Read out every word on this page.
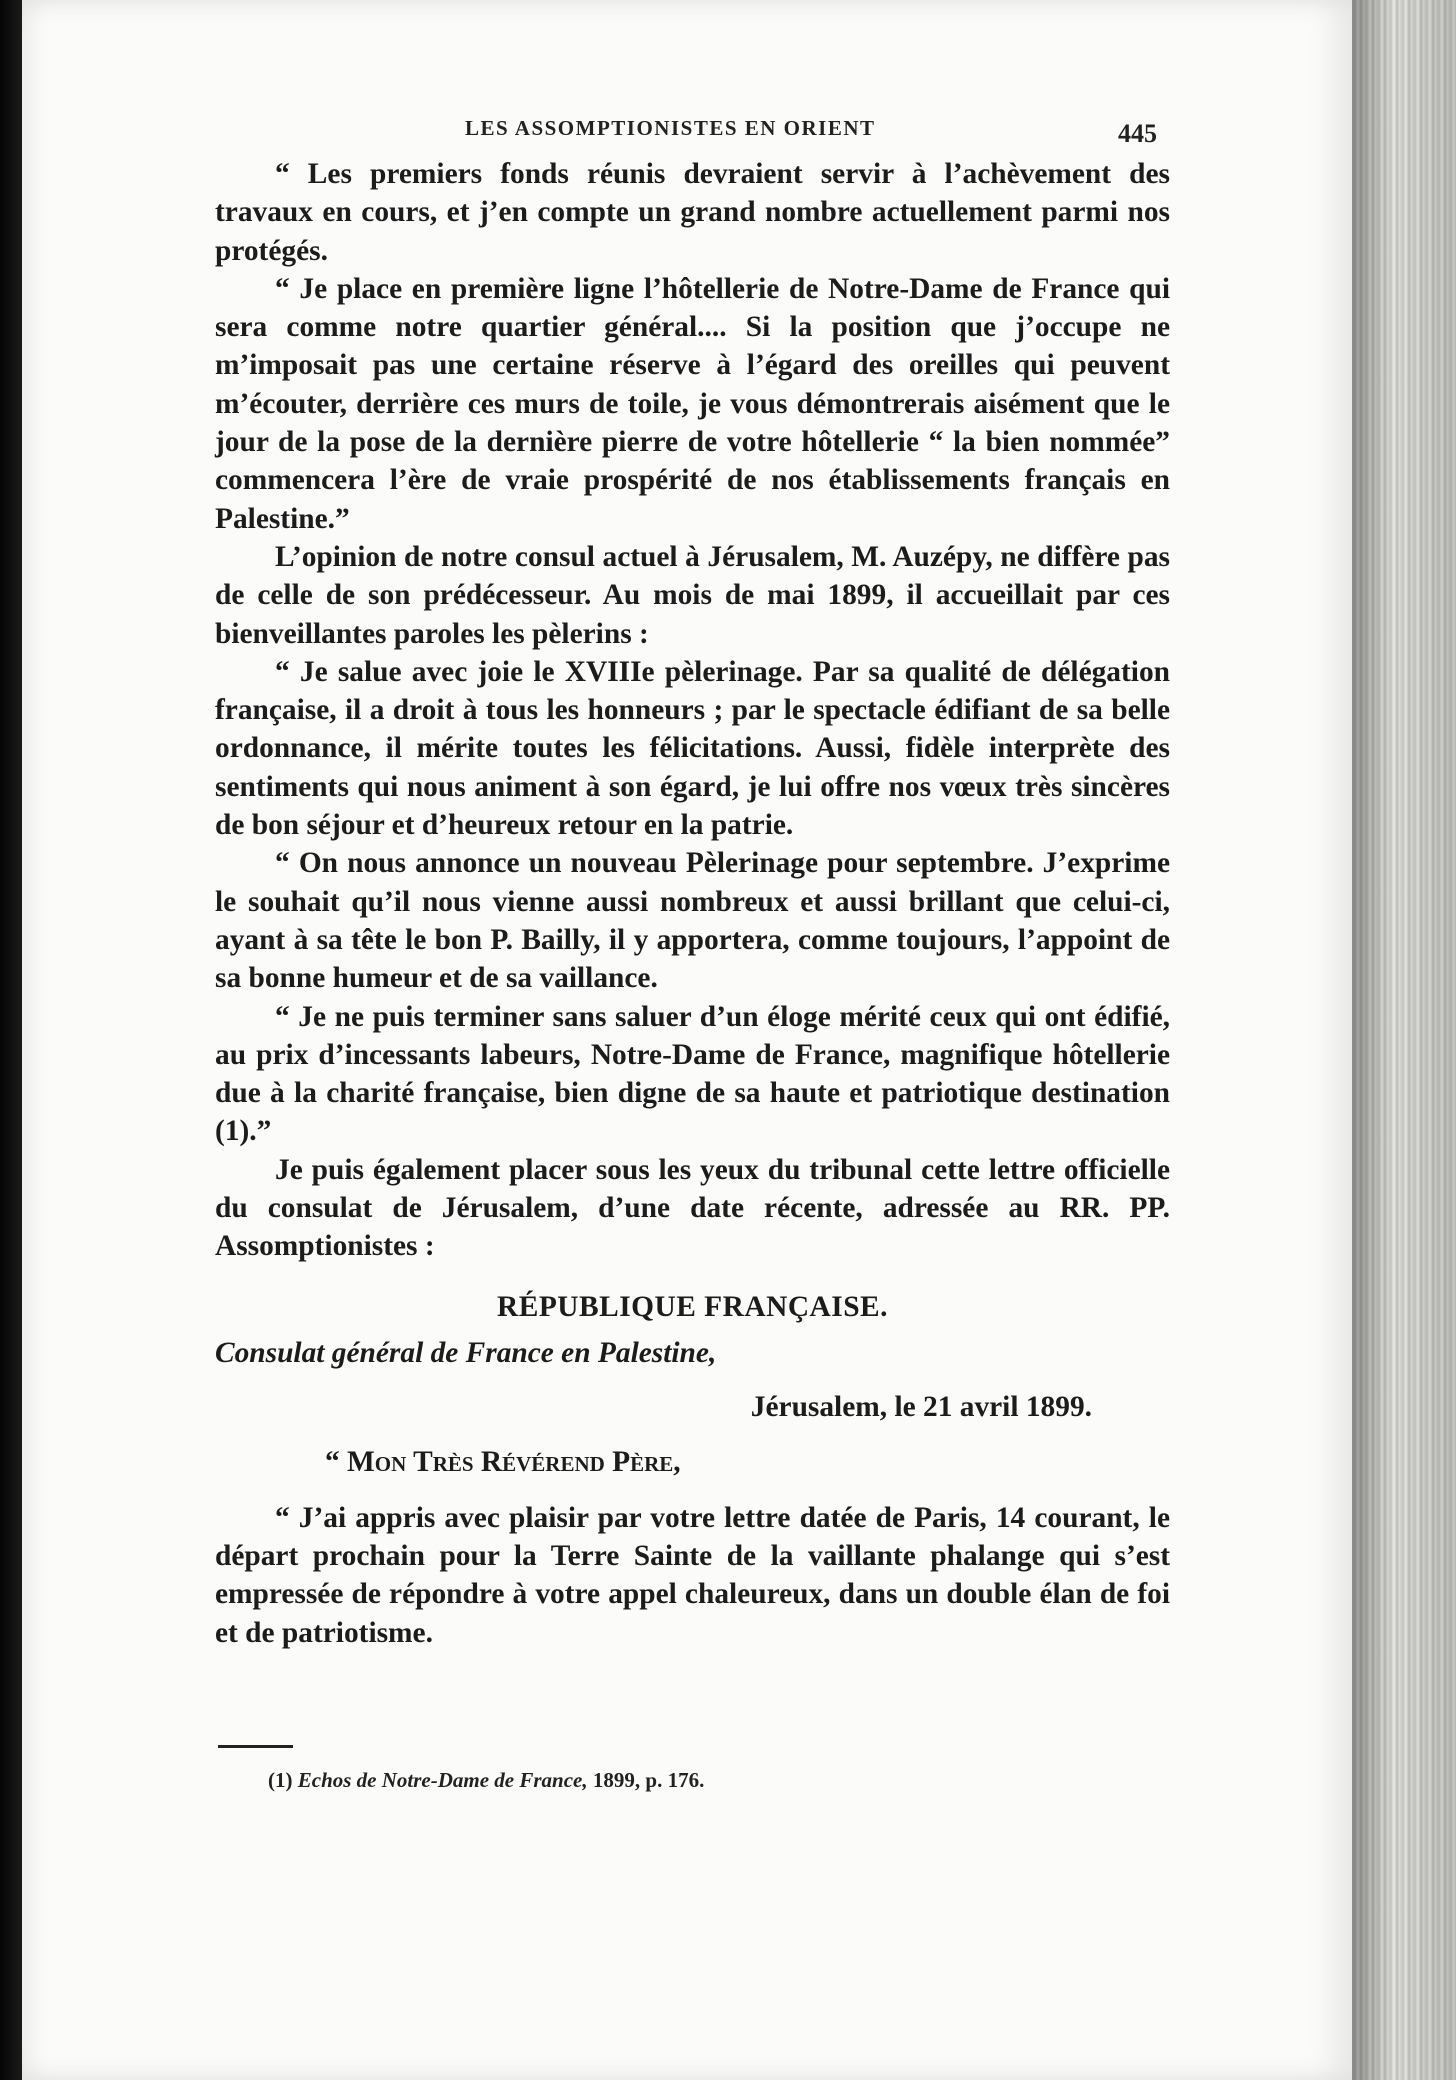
LES ASSOMPTIONISTES EN ORIENT	445

“ Les premiers fonds réunis devraient servir à l’achèvement des travaux en cours, et j’en compte un grand nombre actuellement parmi nos protégés.

“ Je place en première ligne l’hôtellerie de Notre-Dame de France qui sera comme notre quartier général.... Si la position que j’occupe ne m’imposait pas une certaine réserve à l’égard des oreilles qui peuvent m’écouter, derrière ces murs de toile, je vous démontrerais aisément que le jour de la pose de la dernière pierre de votre hôtellerie “ la bien nommée” commencera l’ère de vraie prospérité de nos établissements français en Palestine.”

L’opinion de notre consul actuel à Jérusalem, M. Auzépy, ne diffère pas de celle de son prédécesseur. Au mois de mai 1899, il accueillait par ces bienveillantes paroles les pèlerins :

“ Je salue avec joie le XVIIIe pèlerinage. Par sa qualité de délégation française, il a droit à tous les honneurs ; par le spectacle édifiant de sa belle ordonnance, il mérite toutes les félicitations. Aussi, fidèle interprète des sentiments qui nous animent à son égard, je lui offre nos vœux très sincères de bon séjour et d’heureux retour en la patrie.

“ On nous annonce un nouveau Pèlerinage pour septembre. J’exprime le souhait qu’il nous vienne aussi nombreux et aussi brillant que celui-ci, ayant à sa tête le bon P. Bailly, il y apportera, comme toujours, l’appoint de sa bonne humeur et de sa vaillance.

“ Je ne puis terminer sans saluer d’un éloge mérité ceux qui ont édifié, au prix d’incessants labeurs, Notre-Dame de France, magnifique hôtellerie due à la charité française, bien digne de sa haute et patriotique destination (1).”

Je puis également placer sous les yeux du tribunal cette lettre officielle du consulat de Jérusalem, d’une date récente, adressée au RR. PP. Assomptionistes :

RÉPUBLIQUE FRANÇAISE.

Consulat général de France en Palestine,

Jérusalem, le 21 avril 1899.

“ Mon Très Révérend Père,

“ J’ai appris avec plaisir par votre lettre datée de Paris, 14 courant, le départ prochain pour la Terre Sainte de la vaillante phalange qui s’est empressée de répondre à votre appel chaleureux, dans un double élan de foi et de patriotisme.

(1) Echos de Notre-Dame de France, 1899, p. 176.
